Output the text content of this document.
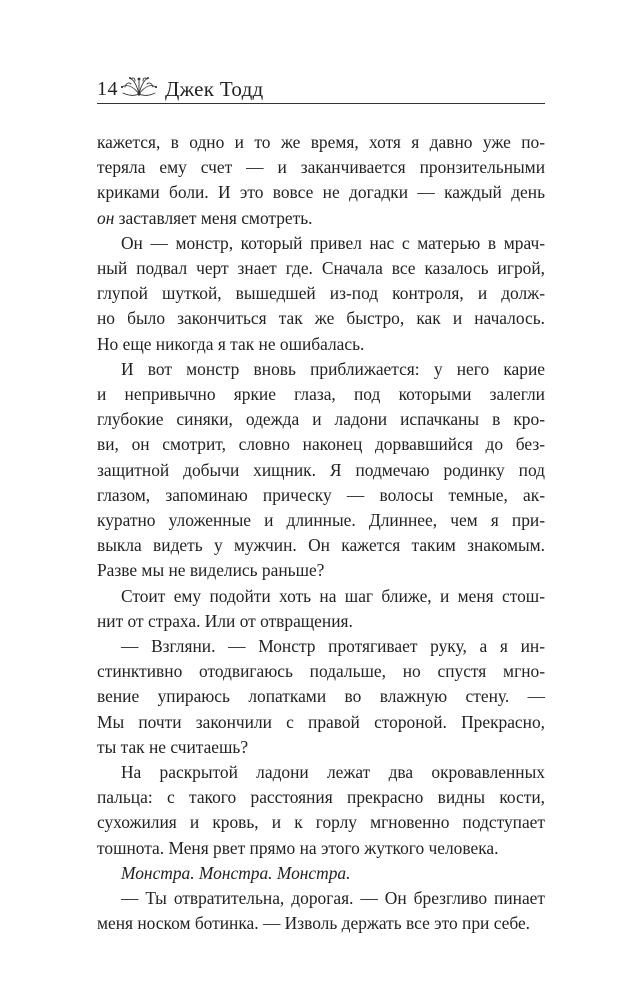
14 Джек Тодд

кажется, в одно и то же время, хотя я давно уже по-
теряла ему счет — и заканчивается пронзительными
криками боли. И это вовсе не догадки — каждый день
он заставляет меня смотреть.

Он — монстр, который привел нас с матерью в мрач-
ный подвал черт знает где. Сначала все казалось игрой,
глупой шуткой, вышедшей из-под контроля, и долж-
но было закончиться так же быстро, как и началось.
Но еще никогда я так не ошибалась.

И вот монстр вновь приближается: у него карие
и непривычно яркие глаза, под которыми залегли
глубокие синяки, одежда и ладони испачканы в кро-
ви, он смотрит, словно наконец дорвавшийся до без-
защитной добычи хищник. Я подмечаю родинку под
глазом, запоминаю прическу — волосы темные, ак-
куратно уложенные и длинные. Длиннее, чем я при-
выкла видеть у мужчин. Он кажется таким знакомым.
Разве мы не виделись раньше?

Стоит ему подойти хоть на шаг ближе, и меня стош-
нит от страха. Или от отвращения.

— Взгляни. — Монстр протягивает руку, а я ин-
стинктивно отодвигаюсь подальше, но спустя мгно-
вение упираюсь лопатками во влажную стену. —
Мы почти закончили с правой стороной. Прекрасно,
ты так не считаешь?

На раскрытой ладони лежат два окровавленных
пальца: с такого расстояния прекрасно видны кости,
сухожилия и кровь, и к горлу мгновенно подступает
тошнота. Меня рвет прямо на этого жуткого человека.

Монстра. Монстра. Монстра.

— Ты отвратительна, дорогая. — Он брезгливо пинает
меня носком ботинка. — Изволь держать все это при себе.
